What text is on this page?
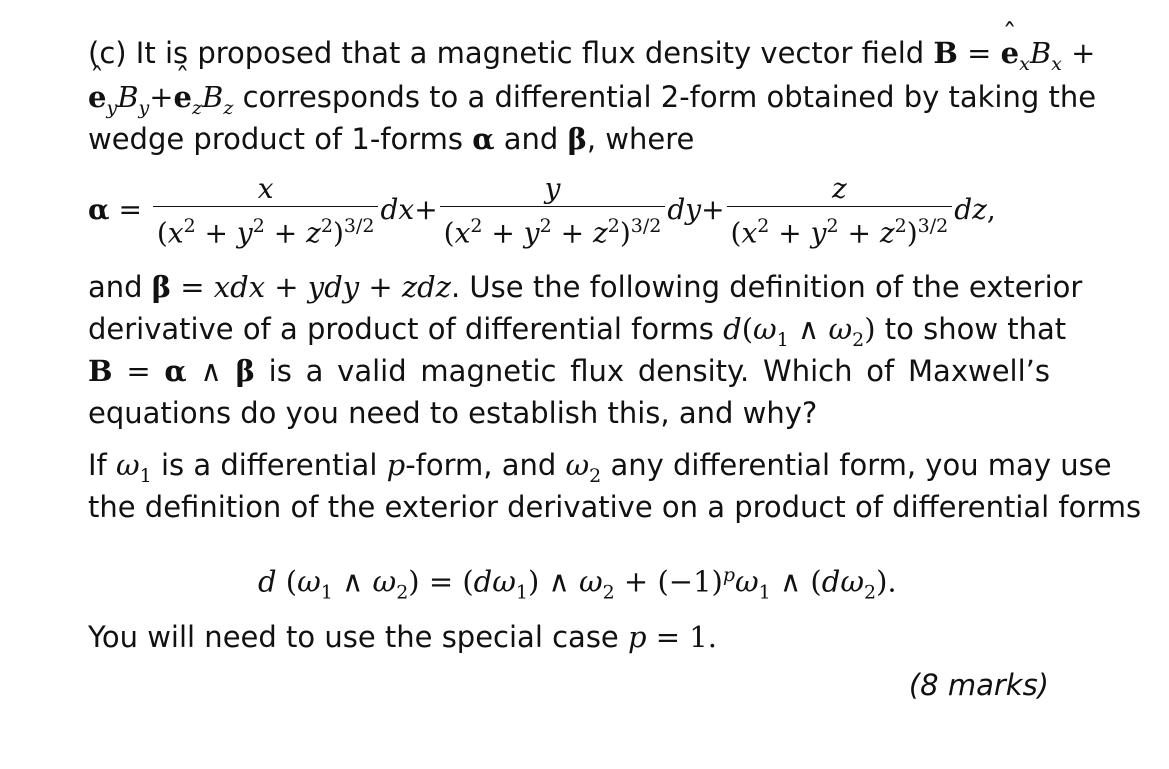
(c) It is proposed that a magnetic flux density vector field B = ˆ $e_xB_x$ +
ˆ $e_yB_y+ˆ$ $e_zB_z$ corresponds to a differential 2-form obtained by taking the
wedge product of 1-forms α and β, where
$\alpha = \frac{x}{(x^2 + y^2 + z^2)^{3/2}} dx+ \frac{y}{(x^2 + y^2 + z^2)^{3/2}} dy+ \frac{z}{(x^2 + y^2 + z^2)^{3/2}}$ dz,
and β = xdx + ydy + zdz. Use the following definition of the exterior
derivative of a product of differential forms $d(\omega_1$ ∧ $\omega_2$) to show that
B = α ∧ β is a valid magnetic flux density. Which of Maxwell’s
equations do you need to establish this, and why?
If $\omega_1$ is a differential p-form, and $\omega_2$ any differential form, you may use
the definition of the exterior derivative on a product of differential forms
d ($\omega_1$ ∧ $\omega_2) = (d\omega_1)$ ∧ $\omega_2 + (-1)^p\omega_1$ ∧ $(d\omega_2)$.
You will need to use the special case p = 1.
(8 marks)
